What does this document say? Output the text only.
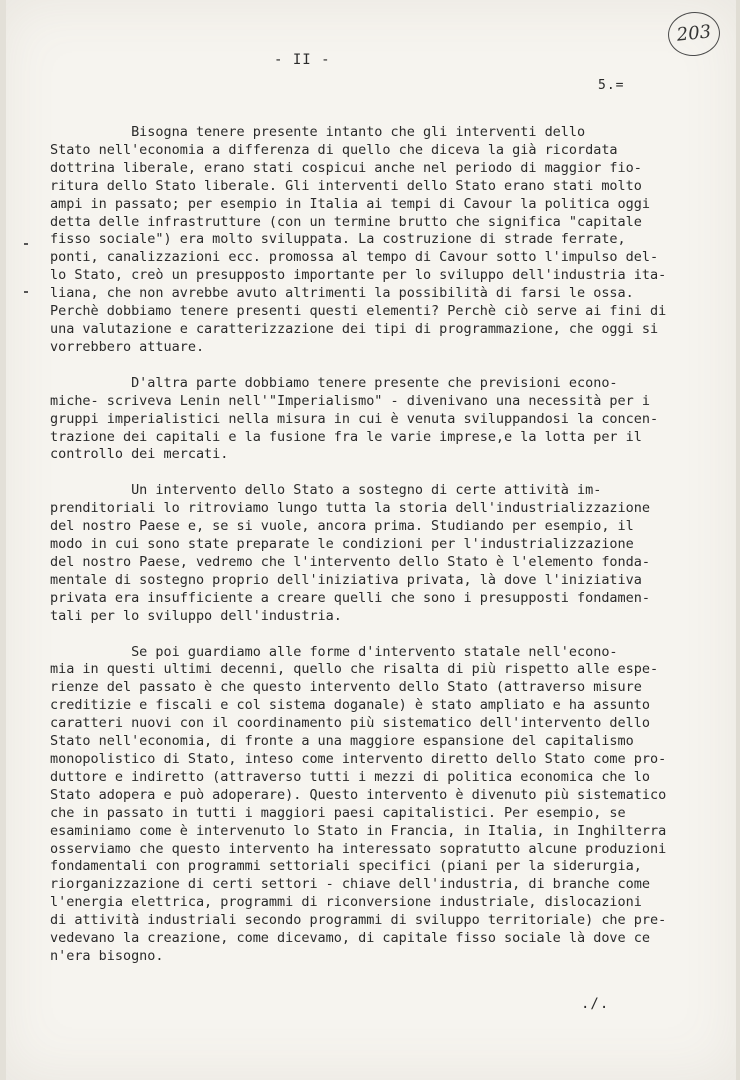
203
- II -
5.=
Bisogna tenere presente intanto che gli interventi dello
Stato nell'economia a differenza di quello che diceva la già ricordata
dottrina liberale, erano stati cospicui anche nel periodo di maggior fio-
ritura dello Stato liberale. Gli interventi dello Stato erano stati molto
ampi in passato; per esempio in Italia ai tempi di Cavour la politica oggi
detta delle infrastrutture (con un termine brutto che significa "capitale
fisso sociale") era molto sviluppata. La costruzione di strade ferrate,
ponti, canalizzazioni ecc. promossa al tempo di Cavour sotto l'impulso del-
lo Stato, creò un presupposto importante per lo sviluppo dell'industria ita-
liana, che non avrebbe avuto altrimenti la possibilità di farsi le ossa.
Perchè dobbiamo tenere presenti questi elementi? Perchè ciò serve ai fini di
una valutazione e caratterizzazione dei tipi di programmazione, che oggi si
vorrebbero attuare.
D'altra parte dobbiamo tenere presente che previsioni econo-
miche- scriveva Lenin nell'"Imperialismo" - divenivano una necessità per i
gruppi imperialistici nella misura in cui è venuta sviluppandosi la concen-
trazione dei capitali e la fusione fra le varie imprese,e la lotta per il
controllo dei mercati.
Un intervento dello Stato a sostegno di certe attività im-
prenditoriali lo ritroviamo lungo tutta la storia dell'industrializzazione
del nostro Paese e, se si vuole, ancora prima. Studiando per esempio, il
modo in cui sono state preparate le condizioni per l'industrializzazione
del nostro Paese, vedremo che l'intervento dello Stato è l'elemento fonda-
mentale di sostegno proprio dell'iniziativa privata, là dove l'iniziativa
privata era insufficiente a creare quelli che sono i presupposti fondamen-
tali per lo sviluppo dell'industria.
Se poi guardiamo alle forme d'intervento statale nell'econo-
mia in questi ultimi decenni, quello che risalta di più rispetto alle espe-
rienze del passato è che questo intervento dello Stato (attraverso misure
creditizie e fiscali e col sistema doganale) è stato ampliato e ha assunto
caratteri nuovi con il coordinamento più sistematico dell'intervento dello
Stato nell'economia, di fronte a una maggiore espansione del capitalismo
monopolistico di Stato, inteso come intervento diretto dello Stato come pro-
duttore e indiretto (attraverso tutti i mezzi di politica economica che lo
Stato adopera e può adoperare). Questo intervento è divenuto più sistematico
che in passato in tutti i maggiori paesi capitalistici. Per esempio, se
esaminiamo come è intervenuto lo Stato in Francia, in Italia, in Inghilterra
osserviamo che questo intervento ha interessato sopratutto alcune produzioni
fondamentali con programmi settoriali specifici (piani per la siderurgia,
riorganizzazione di certi settori - chiave dell'industria, di branche come
l'energia elettrica, programmi di riconversione industriale, dislocazioni
di attività industriali secondo programmi di sviluppo territoriale) che pre-
vedevano la creazione, come dicevamo, di capitale fisso sociale là dove ce
n'era bisogno.
./.
